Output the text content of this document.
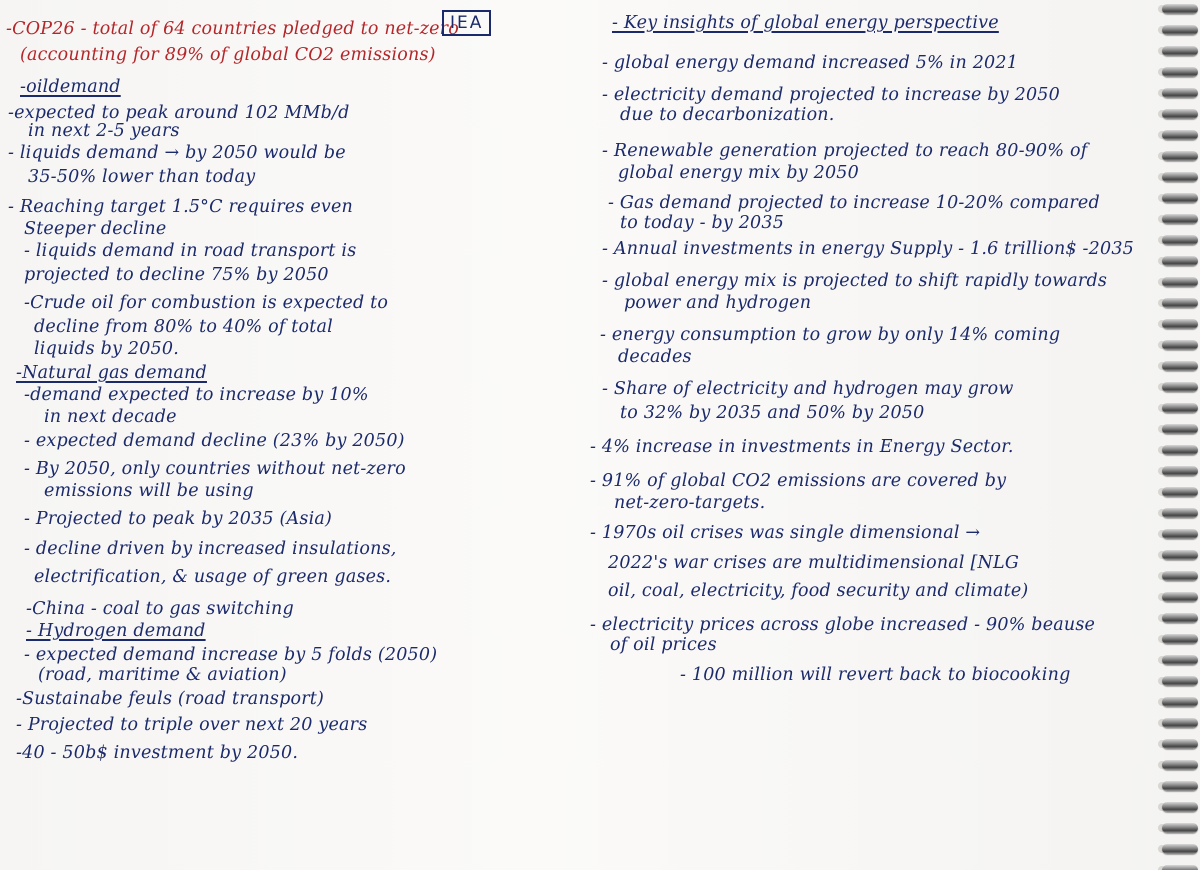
-COP26 - total of 64 countries pledged to net-zero
(accounting for 89% of global CO2 emissions)
IEA
-oildemand
-expected to peak around 102 MMb/d
in next 2-5 years
- liquids demand → by 2050 would be
35-50% lower than today
- Reaching target 1.5°C requires even
Steeper decline
- liquids demand in road transport is
projected to decline 75% by 2050
-Crude oil for combustion is expected to
decline from 80% to 40% of total
liquids by 2050.
-Natural gas demand
-demand expected to increase by 10%
in next decade
- expected demand decline (23% by 2050)
- By 2050, only countries without net-zero
emissions will be using
- Projected to peak by 2035 (Asia)
- decline driven by increased insulations,
electrification, & usage of green gases.
-China - coal to gas switching
- Hydrogen demand
- expected demand increase by 5 folds (2050)
(road, maritime & aviation)
-Sustainabe feuls (road transport)
- Projected to triple over next 20 years
-40 - 50b$ investment by 2050.
- Key insights of global energy perspective
- global energy demand increased 5% in 2021
- electricity demand projected to increase by 2050
due to decarbonization.
- Renewable generation projected to reach 80-90% of
global energy mix by 2050
- Gas demand projected to increase 10-20% compared
to today - by 2035
- Annual investments in energy Supply - 1.6 trillion$ -2035
- global energy mix is projected to shift rapidly towards
power and hydrogen
- energy consumption to grow by only 14% coming
decades
- Share of electricity and hydrogen may grow
to 32% by 2035 and 50% by 2050
- 4% increase in investments in Energy Sector.
- 91% of global CO2 emissions are covered by
net-zero-targets.
- 1970s oil crises was single dimensional →
2022's war crises are multidimensional [NLG
oil, coal, electricity, food security and climate)
- electricity prices across globe increased - 90% beause
of oil prices
- 100 million will revert back to biocooking
